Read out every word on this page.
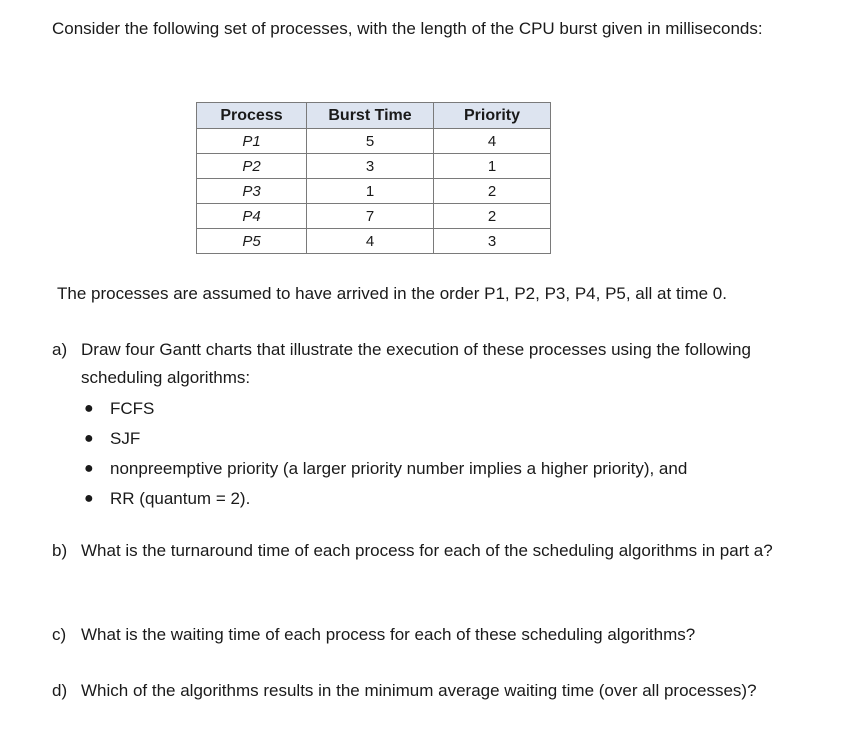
Consider the following set of processes, with the length of the CPU burst given in milliseconds:

Process	Burst Time	Priority
P1	5	4
P2	3	1
P3	1	2
P4	7	2
P5	4	3

The processes are assumed to have arrived in the order P1, P2, P3, P4, P5, all at time 0.

a) Draw four Gantt charts that illustrate the execution of these processes using the following scheduling algorithms:
● FCFS
● SJF
● nonpreemptive priority (a larger priority number implies a higher priority), and
● RR (quantum = 2).
b) What is the turnaround time of each process for each of the scheduling algorithms in part a?
c) What is the waiting time of each process for each of these scheduling algorithms?
d) Which of the algorithms results in the minimum average waiting time (over all processes)?
